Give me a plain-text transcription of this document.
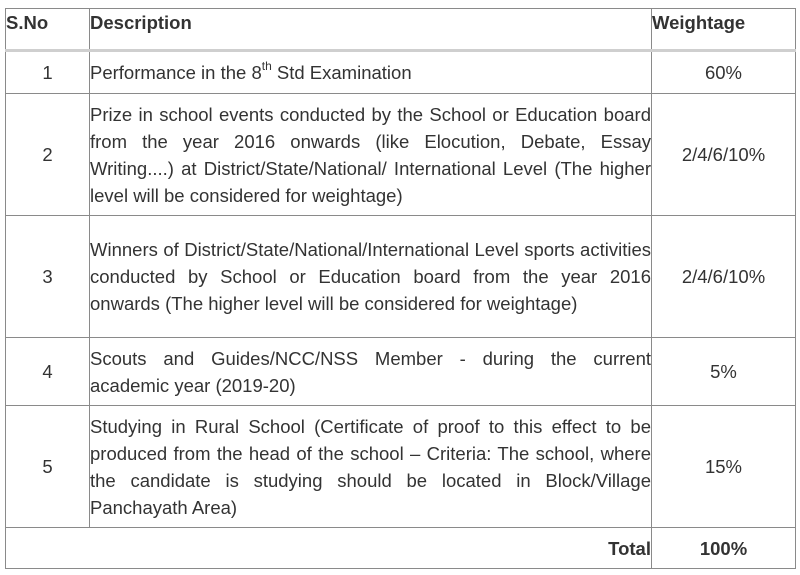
S.No	Description	Weightage
1	Performance in the 8th Std Examination	60%
2	Prize in school events conducted by the School or Education board from the year 2016 onwards (like Elocution, Debate, Essay Writing....) at District/State/National/ International Level (The higher level will be considered for weightage)	2/4/6/10%
3	Winners of District/State/National/International Level sports activities conducted by School or Education board from the year 2016 onwards (The higher level will be considered for weightage)	2/4/6/10%
4	Scouts and Guides/NCC/NSS Member - during the current academic year (2019-20)	5%
5	Studying in Rural School (Certificate of proof to this effect to be produced from the head of the school – Criteria: The school, where the candidate is studying should be located in Block/Village Panchayath Area)	15%
	Total	100%
